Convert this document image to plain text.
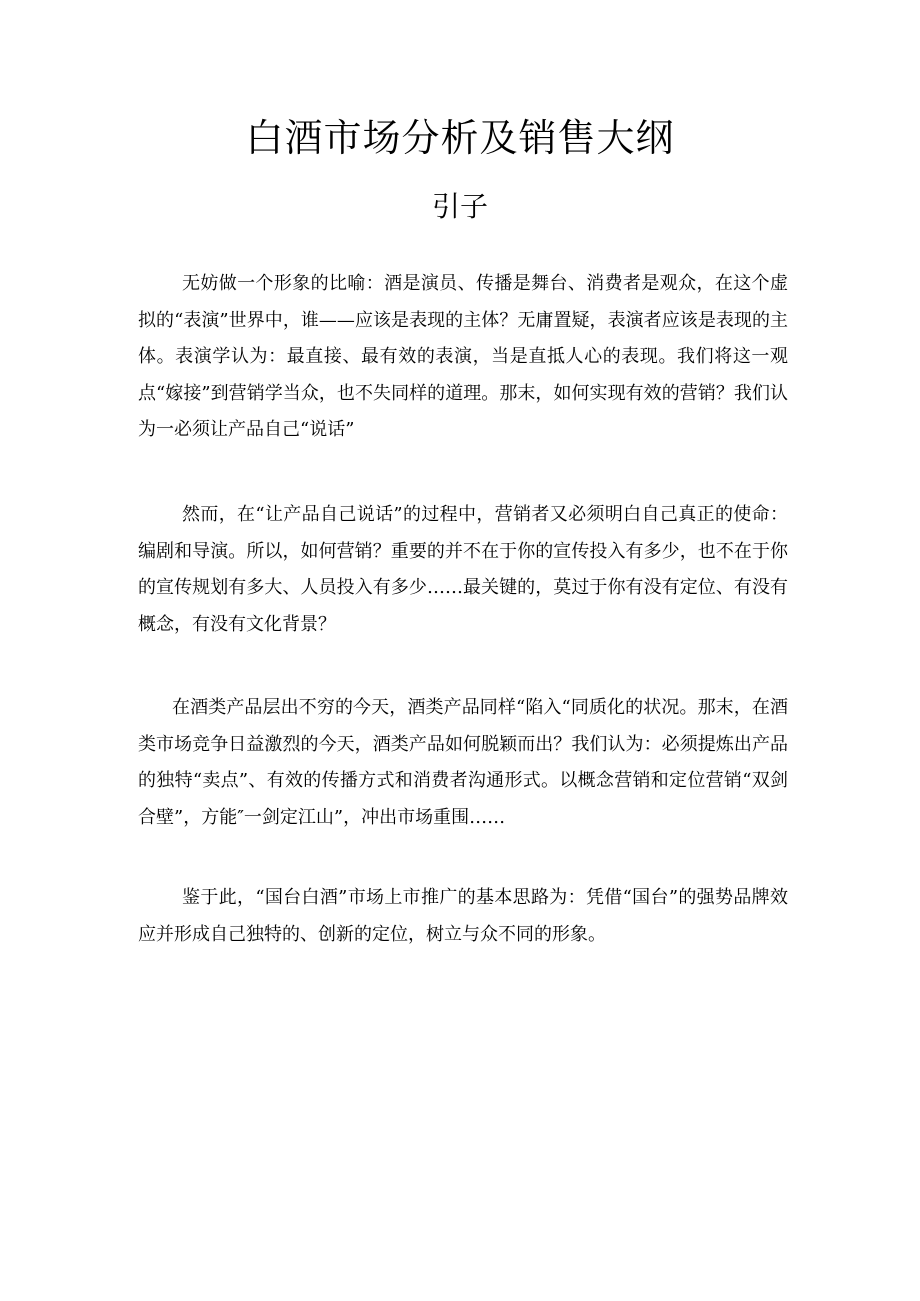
白酒市场分析及销售大纲
引子

无妨做一个形象的比喻：酒是演员、传播是舞台、消费者是观众，在这个虚拟的“表演”世界中，谁——应该是表现的主体？无庸置疑，表演者应该是表现的主体。表演学认为：最直接、最有效的表演，当是直抵人心的表现。我们将这一观点“嫁接”到营销学当众，也不失同样的道理。那末，如何实现有效的营销？我们认为一必须让产品自己“说话”

然而，在“让产品自己说话”的过程中，营销者又必须明白自己真正的使命：编剧和导演。所以，如何营销？重要的并不在于你的宣传投入有多少，也不在于你的宣传规划有多大、人员投入有多少……最关键的，莫过于你有没有定位、有没有概念，有没有文化背景？

在酒类产品层出不穷的今天，酒类产品同样“陷入“同质化的状况。那末，在酒类市场竞争日益激烈的今天，酒类产品如何脱颖而出？我们认为：必须提炼出产品的独特“卖点”、有效的传播方式和消费者沟通形式。以概念营销和定位营销“双剑合壁”，方能″一剑定江山”，冲出市场重围……

鉴于此，“国台白酒”市场上市推广的基本思路为：凭借“国台”的强势品牌效应并形成自己独特的、创新的定位，树立与众不同的形象。
